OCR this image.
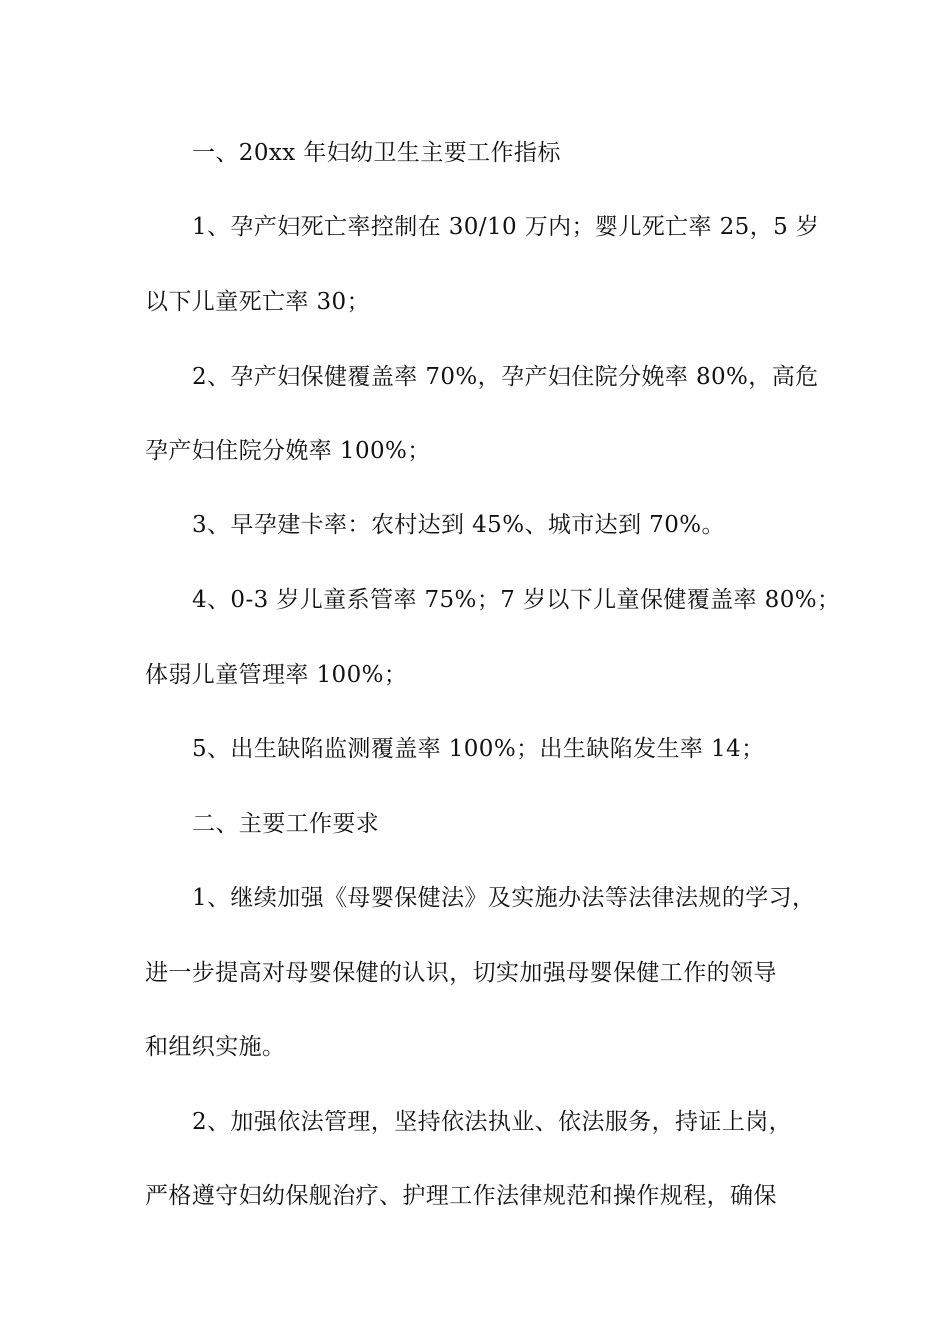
一、20xx 年妇幼卫生主要工作指标

1、孕产妇死亡率控制在 30/10 万内；婴儿死亡率 25，5 岁

以下儿童死亡率 30；

2、孕产妇保健覆盖率 70%，孕产妇住院分娩率 80%，高危

孕产妇住院分娩率 100%；

3、早孕建卡率：农村达到 45%、城市达到 70%。

4、0-3 岁儿童系管率 75%；7 岁以下儿童保健覆盖率 80%；

体弱儿童管理率 100%；

5、出生缺陷监测覆盖率 100%；出生缺陷发生率 14；

二、主要工作要求

1、继续加强《母婴保健法》及实施办法等法律法规的学习，

进一步提高对母婴保健的认识，切实加强母婴保健工作的领导

和组织实施。

2、加强依法管理，坚持依法执业、依法服务，持证上岗，

严格遵守妇幼保舰治疗、护理工作法律规范和操作规程，确保
